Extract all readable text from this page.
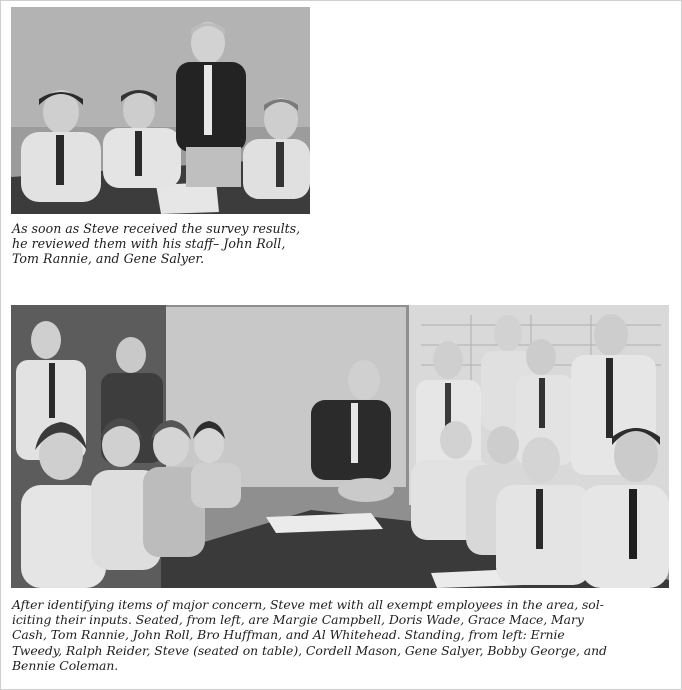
As soon as Steve received the survey results,
he reviewed them with his staff– John Roll,
Tom Rannie, and Gene Salyer.

After identifying items of major concern, Steve met with all exempt employees in the area, sol-
iciting their inputs. Seated, from left, are Margie Campbell, Doris Wade, Grace Mace, Mary
Cash, Tom Rannie, John Roll, Bro Huffman, and Al Whitehead. Standing, from left: Ernie
Tweedy, Ralph Reider, Steve (seated on table), Cordell Mason, Gene Salyer, Bobby George, and
Bennie Coleman.
